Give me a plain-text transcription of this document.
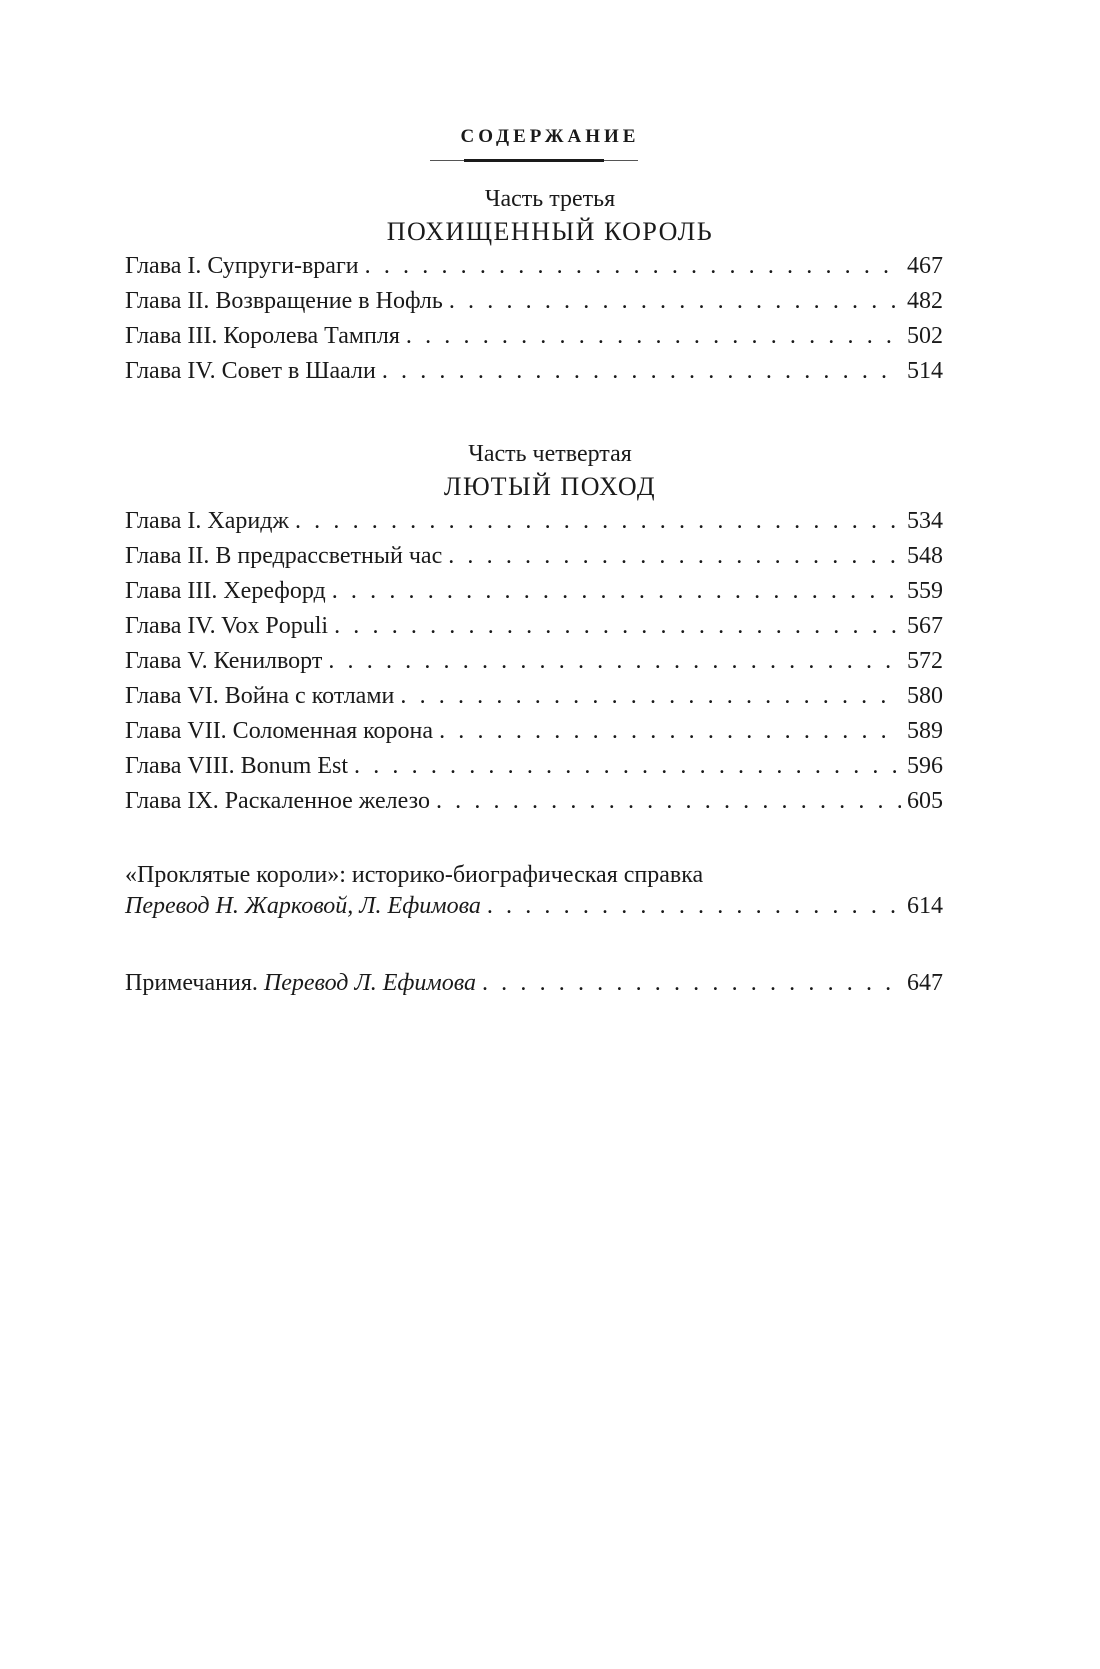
СОДЕРЖАНИЕ
Часть третья
ПОХИЩЕННЫЙ КОРОЛЬ
Глава I. Супруги-враги . . .	467
Глава II. Возвращение в Нофль . . .	482
Глава III. Королева Тампля . . .	502
Глава IV. Совет в Шаали . . .	514
Часть четвертая
ЛЮТЫЙ ПОХОД
Глава I. Харидж . . .	534
Глава II. В предрассветный час . . .	548
Глава III. Херефорд . . .	559
Глава IV. Vox Populi . . .	567
Глава V. Кенилворт . . .	572
Глава VI. Война с котлами . . .	580
Глава VII. Соломенная корона . . .	589
Глава VIII. Bonum Est . . .	596
Глава IX. Раскаленное железо . . .	605
«Проклятые короли»: историко-биографическая справка
Перевод Н. Жарковой, Л. Ефимова . . .	614
Примечания. Перевод Л. Ефимова . . .	647
